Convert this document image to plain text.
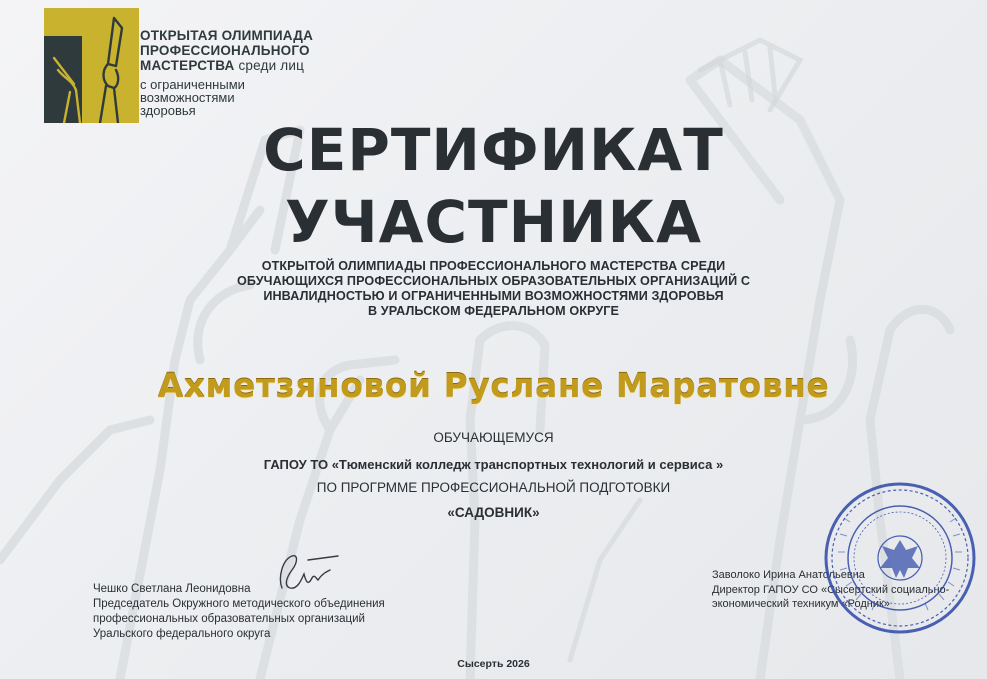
ОТКРЫТАЯ ОЛИМПИАДА
ПРОФЕССИОНАЛЬНОГО
МАСТЕРСТВА среди лиц
с ограниченными
возможностями
здоровья
СЕРТИФИКАТ
УЧАСТНИКА
ОТКРЫТОЙ ОЛИМПИАДЫ ПРОФЕССИОНАЛЬНОГО МАСТЕРСТВА СРЕДИ
ОБУЧАЮЩИХСЯ ПРОФЕССИОНАЛЬНЫХ ОБРАЗОВАТЕЛЬНЫХ ОРГАНИЗАЦИЙ С
ИНВАЛИДНОСТЬЮ И ОГРАНИЧЕННЫМИ ВОЗМОЖНОСТЯМИ ЗДОРОВЬЯ
В УРАЛЬСКОМ ФЕДЕРАЛЬНОМ ОКРУГЕ
Ахметзяновой Руслане Маратовне
ОБУЧАЮЩЕМУСЯ
ГАПОУ ТО «Тюменский колледж транспортных технологий и сервиса »
ПО ПРОГРММЕ ПРОФЕССИОНАЛЬНОЙ ПОДГОТОВКИ
«САДОВНИК»
Чешко Светлана Леонидовна
Председатель Окружного методического объединения
профессиональных образовательных организаций
Уральского федерального округа
Заволоко Ирина Анатольевна
Директор ГАПОУ СО «Сысертский социально-
экономический техникум «Родник»
Сысерть 2026
